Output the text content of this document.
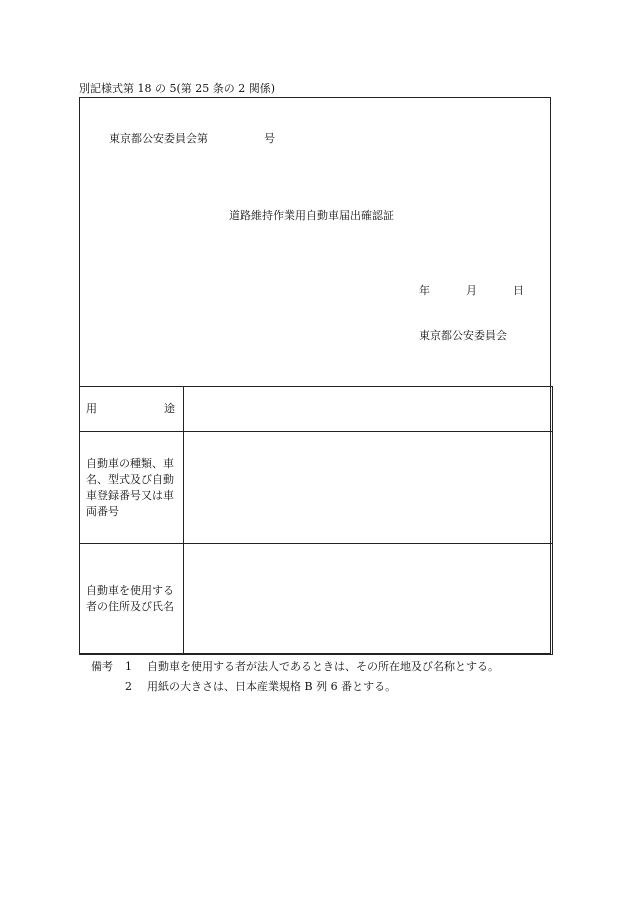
別記様式第 18 の 5(第 25 条の 2 関係)
東京都公安委員会第	号
道路維持作業用自動車届出確認証
年	月	日
東京都公安委員会
用 途	

自動車の種類、車名、型式及び自動車登録番号又は車両番号	
自動車を使用する者の住所及び氏名	
備考	1	自動車を使用する者が法人であるときは、その所在地及び名称とする。
2	用紙の大きさは、日本産業規格 B 列 6 番とする。
